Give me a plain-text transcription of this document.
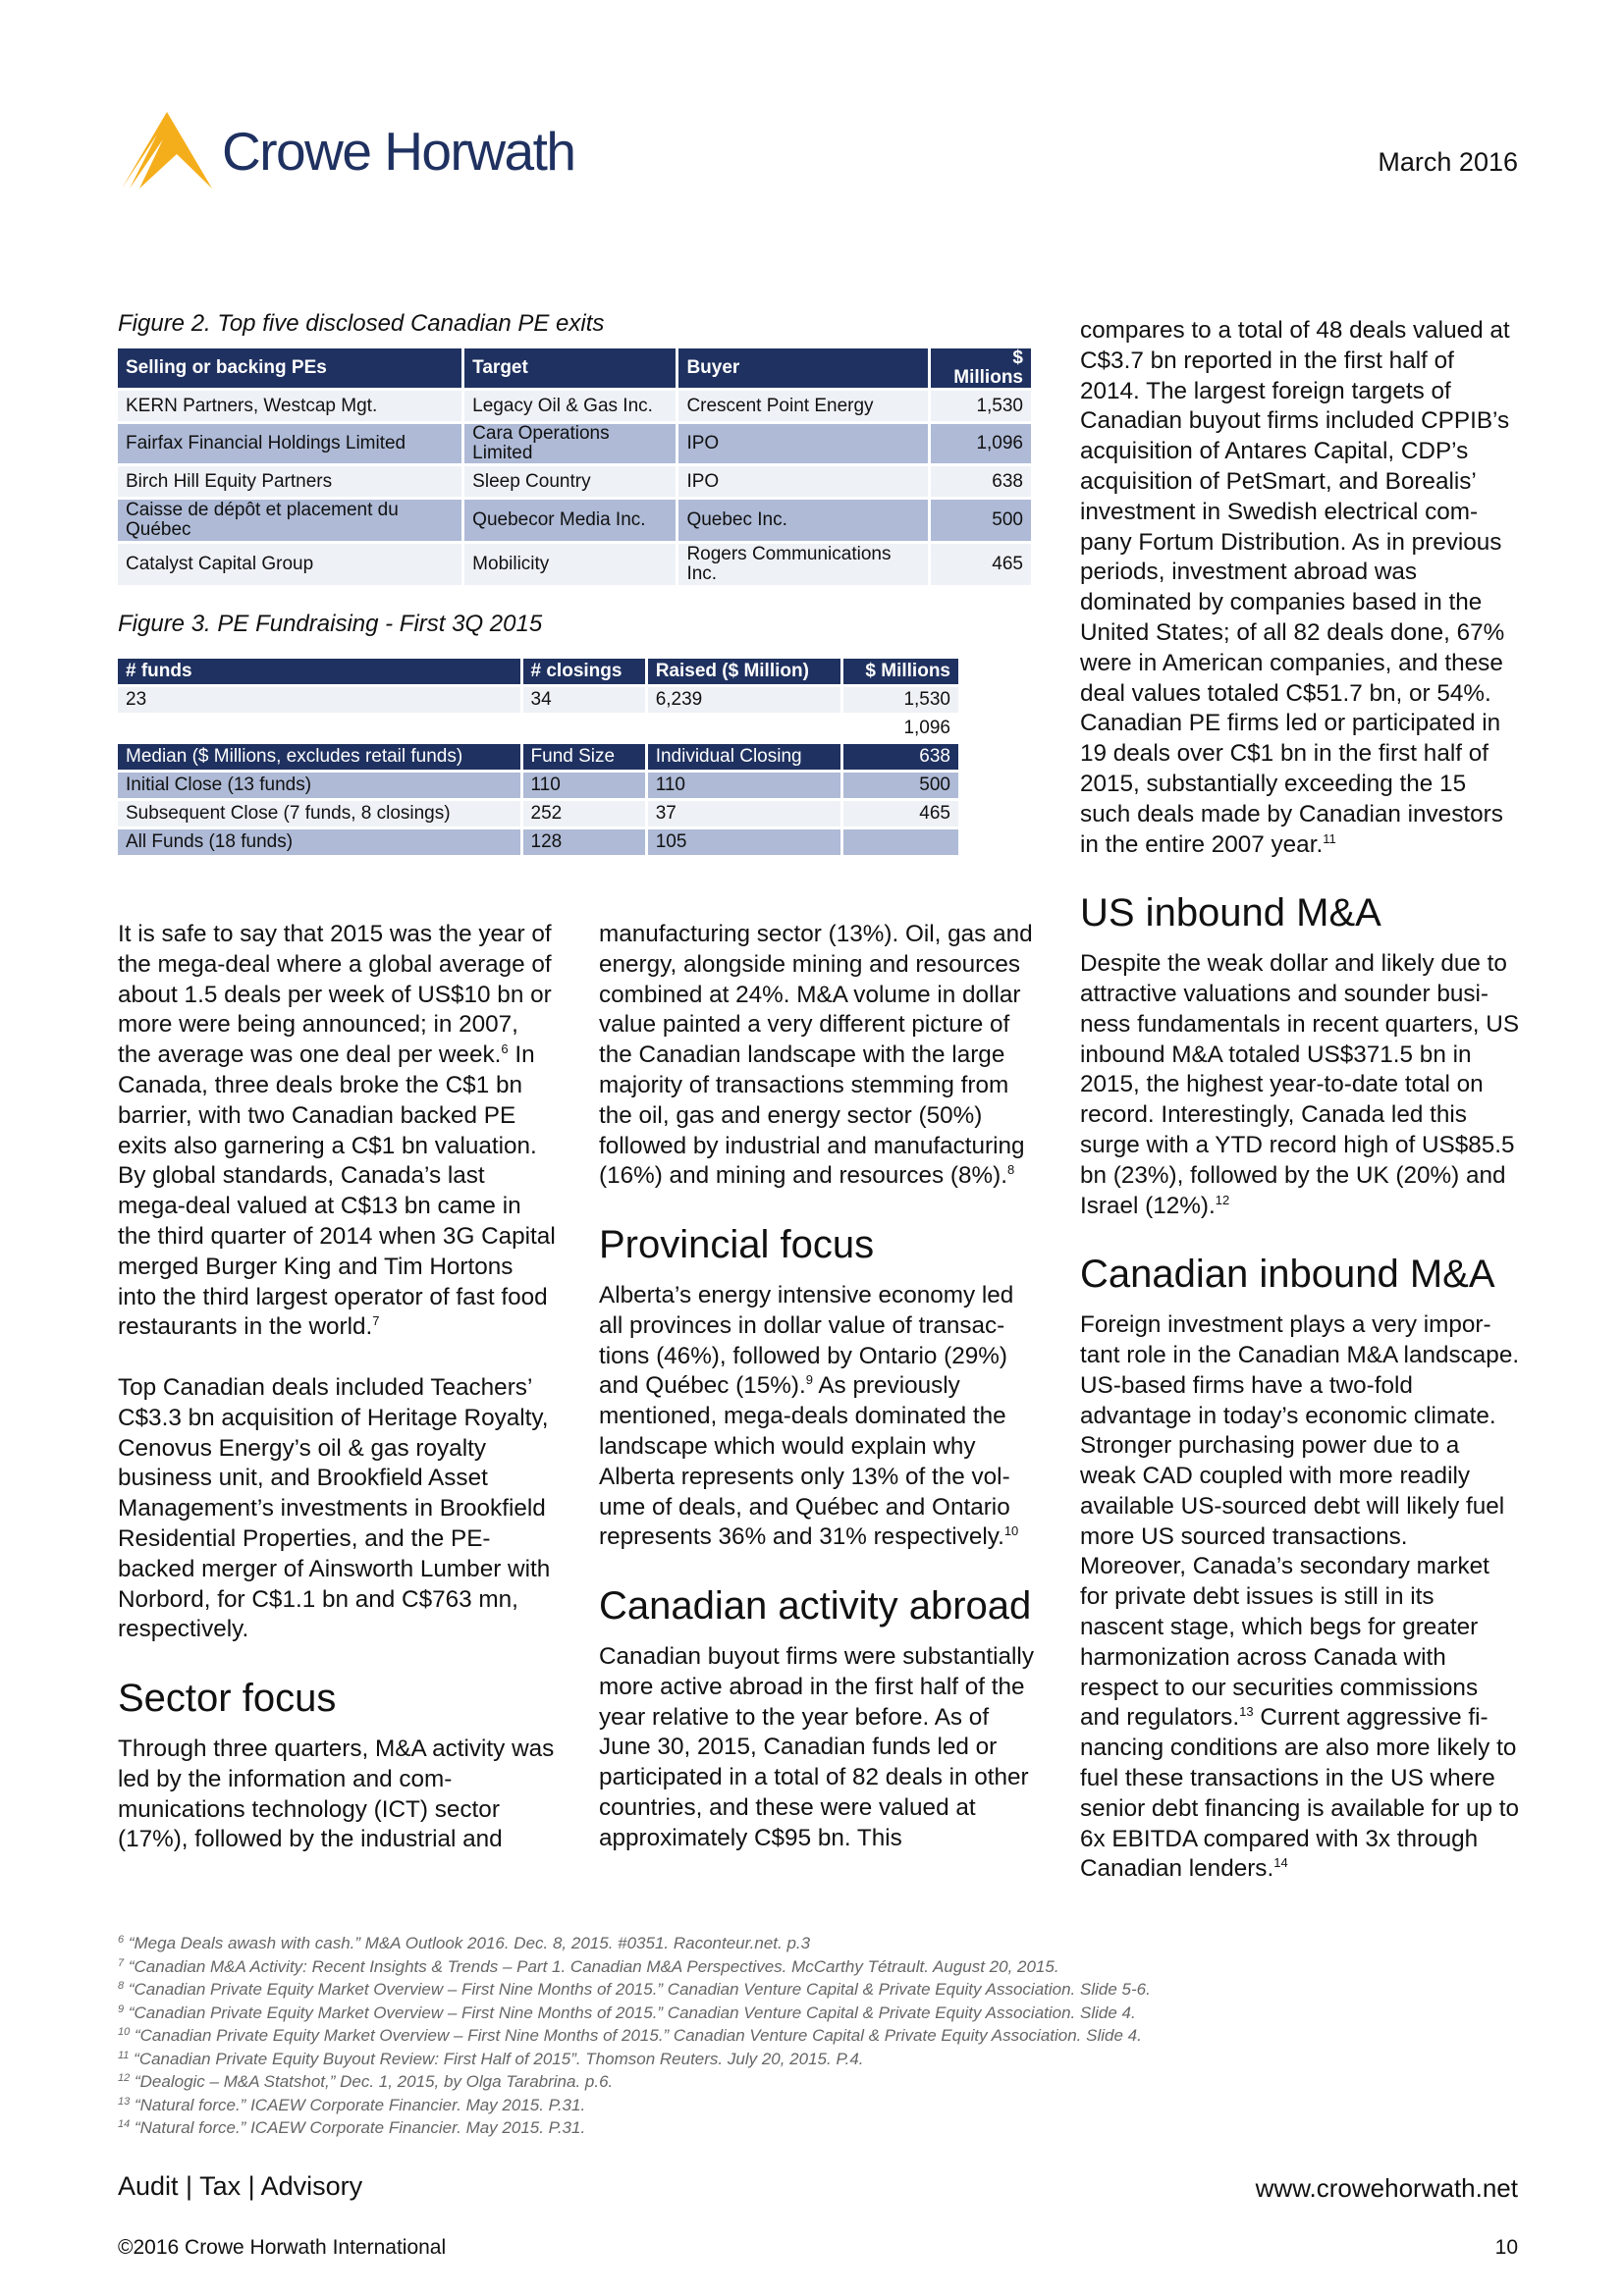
Crowe Horwath	March 2016
Figure 2. Top five disclosed Canadian PE exits
Selling or backing PEs	Target	Buyer	$ Millions
KERN Partners, Westcap Mgt.	Legacy Oil & Gas Inc.	Crescent Point Energy	1,530
Fairfax Financial Holdings Limited	Cara Operations Limited	IPO	1,096
Birch Hill Equity Partners	Sleep Country	IPO	638
Caisse de dépôt et placement du Québec	Quebecor Media Inc.	Quebec Inc.	500
Catalyst Capital Group	Mobilicity	Rogers Communications Inc.	465
Figure 3. PE Fundraising - First 3Q 2015
# funds	# closings	Raised ($ Million)	$ Millions
23	34	6,239	1,530
			1,096
Median ($ Millions, excludes retail funds)	Fund Size	Individual Closing	638
Initial Close (13 funds)	110	110	500
Subsequent Close (7 funds, 8 closings)	252	37	465
All Funds (18 funds)	128	105	

It is safe to say that 2015 was the year of the mega-deal where a global average of about 1.5 deals per week of US$10 bn or more were being announced; in 2007, the average was one deal per week.$^6$ In Canada, three deals broke the C$1 bn barrier, with two Canadian backed PE exits also garnering a C$1 bn valuation. By global standards, Canada’s last mega-deal valued at C$13 bn came in the third quarter of 2014 when 3G Capital merged Burger King and Tim Hortons into the third largest operator of fast food restaurants in the world.$^7$

Top Canadian deals included Teachers’ C$3.3 bn acquisition of Heritage Royalty, Cenovus Energy’s oil & gas royalty business unit, and Brookfield Asset Management’s investments in Brookfield Residential Properties, and the PE-backed merger of Ainsworth Lumber with Norbord, for C$1.1 bn and C$763 mn, respectively.

Sector focus

Through three quarters, M&A activity was led by the information and communications technology (ICT) sector (17%), followed by the industrial and

manufacturing sector (13%). Oil, gas and energy, alongside mining and resources combined at 24%. M&A volume in dollar value painted a very different picture of the Canadian landscape with the large majority of transactions stemming from the oil, gas and energy sector (50%) followed by industrial and manufacturing (16%) and mining and resources (8%).$^8$

Provincial focus

Alberta’s energy intensive economy led all provinces in dollar value of transactions (46%), followed by Ontario (29%) and Québec (15%).$^9$ As previously mentioned, mega-deals dominated the landscape which would explain why Alberta represents only 13% of the volume of deals, and Québec and Ontario represents 36% and 31% respectively.$^{10}$

Canadian activity abroad

Canadian buyout firms were substantially more active abroad in the first half of the year relative to the year before. As of June 30, 2015, Canadian funds led or participated in a total of 82 deals in other countries, and these were valued at approximately C$95 bn. This

compares to a total of 48 deals valued at C$3.7 bn reported in the first half of 2014. The largest foreign targets of Canadian buyout firms included CPPIB’s acquisition of Antares Capital, CDP’s acquisition of PetSmart, and Borealis’ investment in Swedish electrical company Fortum Distribution. As in previous periods, investment abroad was dominated by companies based in the United States; of all 82 deals done, 67% were in American companies, and these deal values totaled C$51.7 bn, or 54%. Canadian PE firms led or participated in 19 deals over C$1 bn in the first half of 2015, substantially exceeding the 15 such deals made by Canadian investors in the entire 2007 year.$^{11}$

US inbound M&A

Despite the weak dollar and likely due to attractive valuations and sounder business fundamentals in recent quarters, US inbound M&A totaled US$371.5 bn in 2015, the highest year-to-date total on record. Interestingly, Canada led this surge with a YTD record high of US$85.5 bn (23%), followed by the UK (20%) and Israel (12%).$^{12}$

Canadian inbound M&A

Foreign investment plays a very important role in the Canadian M&A landscape. US-based firms have a two-fold advantage in today’s economic climate. Stronger purchasing power due to a weak CAD coupled with more readily available US-sourced debt will likely fuel more US sourced transactions. Moreover, Canada’s secondary market for private debt issues is still in its nascent stage, which begs for greater harmonization across Canada with respect to our securities commissions and regulators.$^{13}$ Current aggressive financing conditions are also more likely to fuel these transactions in the US where senior debt financing is available for up to 6x EBITDA compared with 3x through Canadian lenders.$^{14}$

$^6$ “Mega Deals awash with cash.” M&A Outlook 2016. Dec. 8, 2015. #0351. Raconteur.net. p.3
$^7$ “Canadian M&A Activity: Recent Insights & Trends – Part 1. Canadian M&A Perspectives. McCarthy Tétrault. August 20, 2015.
$^8$ “Canadian Private Equity Market Overview – First Nine Months of 2015.” Canadian Venture Capital & Private Equity Association. Slide 5-6.
$^9$ “Canadian Private Equity Market Overview – First Nine Months of 2015.” Canadian Venture Capital & Private Equity Association. Slide 4.
$^{10}$ “Canadian Private Equity Market Overview – First Nine Months of 2015.” Canadian Venture Capital & Private Equity Association. Slide 4.
$^{11}$ “Canadian Private Equity Buyout Review: First Half of 2015”. Thomson Reuters. July 20, 2015. P.4.
$^{12}$ “Dealogic – M&A Statshot,” Dec. 1, 2015, by Olga Tarabrina. p.6.
$^{13}$ “Natural force.” ICAEW Corporate Financier. May 2015. P.31.
$^{14}$ “Natural force.” ICAEW Corporate Financier. May 2015. P.31.
Audit | Tax | Advisory	www.crowehorwath.net
©2016 Crowe Horwath International	10
